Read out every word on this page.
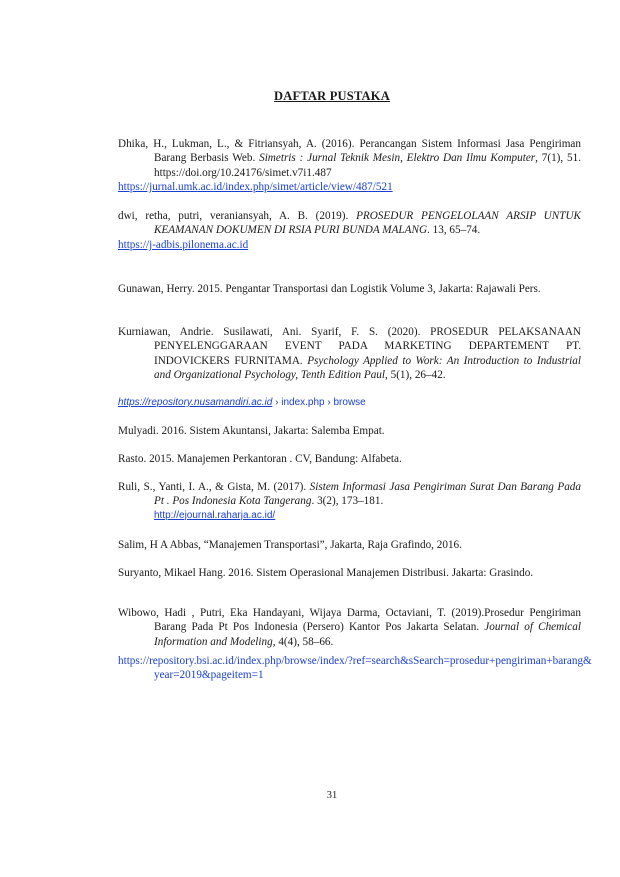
DAFTAR PUSTAKA
Dhika, H., Lukman, L., & Fitriansyah, A. (2016). Perancangan Sistem Informasi Jasa Pengiriman Barang Berbasis Web. Simetris : Jurnal Teknik Mesin, Elektro Dan Ilmu Komputer, 7(1), 51. https://doi.org/10.24176/simet.v7i1.487
https://jurnal.umk.ac.id/index.php/simet/article/view/487/521
dwi, retha, putri, veraniansyah, A. B. (2019). PROSEDUR PENGELOLAAN ARSIP UNTUK KEAMANAN DOKUMEN DI RSIA PURI BUNDA MALANG. 13, 65–74.
https://j-adbis.pilonema.ac.id
Gunawan, Herry. 2015. Pengantar Transportasi dan Logistik Volume 3, Jakarta: Rajawali Pers.
Kurniawan, Andrie. Susilawati, Ani. Syarif, F. S. (2020). PROSEDUR PELAKSANAAN PENYELENGGARAAN EVENT PADA MARKETING DEPARTEMENT PT. INDOVICKERS FURNITAMA. Psychology Applied to Work: An Introduction to Industrial and Organizational Psychology, Tenth Edition Paul, 5(1), 26–42.
https://repository.nusamandiri.ac.id › index.php › browse
Mulyadi. 2016. Sistem Akuntansi, Jakarta: Salemba Empat.
Rasto. 2015. Manajemen Perkantoran . CV, Bandung: Alfabeta.
Ruli, S., Yanti, I. A., & Gista, M. (2017). Sistem Informasi Jasa Pengiriman Surat Dan Barang Pada Pt . Pos Indonesia Kota Tangerang. 3(2), 173–181.
http://ejournal.raharja.ac.id/
Salim, H A Abbas, “Manajemen Transportasi”, Jakarta, Raja Grafindo, 2016.
Suryanto, Mikael Hang. 2016. Sistem Operasional Manajemen Distribusi. Jakarta: Grasindo.
Wibowo, Hadi , Putri, Eka Handayani, Wijaya Darma, Octaviani, T. (2019).Prosedur Pengiriman Barang Pada Pt Pos Indonesia (Persero) Kantor Pos Jakarta Selatan. Journal of Chemical Information and Modeling, 4(4), 58–66.
https://repository.bsi.ac.id/index.php/browse/index/?ref=search&sSearch=prosedur+pengiriman+barang&year=2019&pageitem=1
31
